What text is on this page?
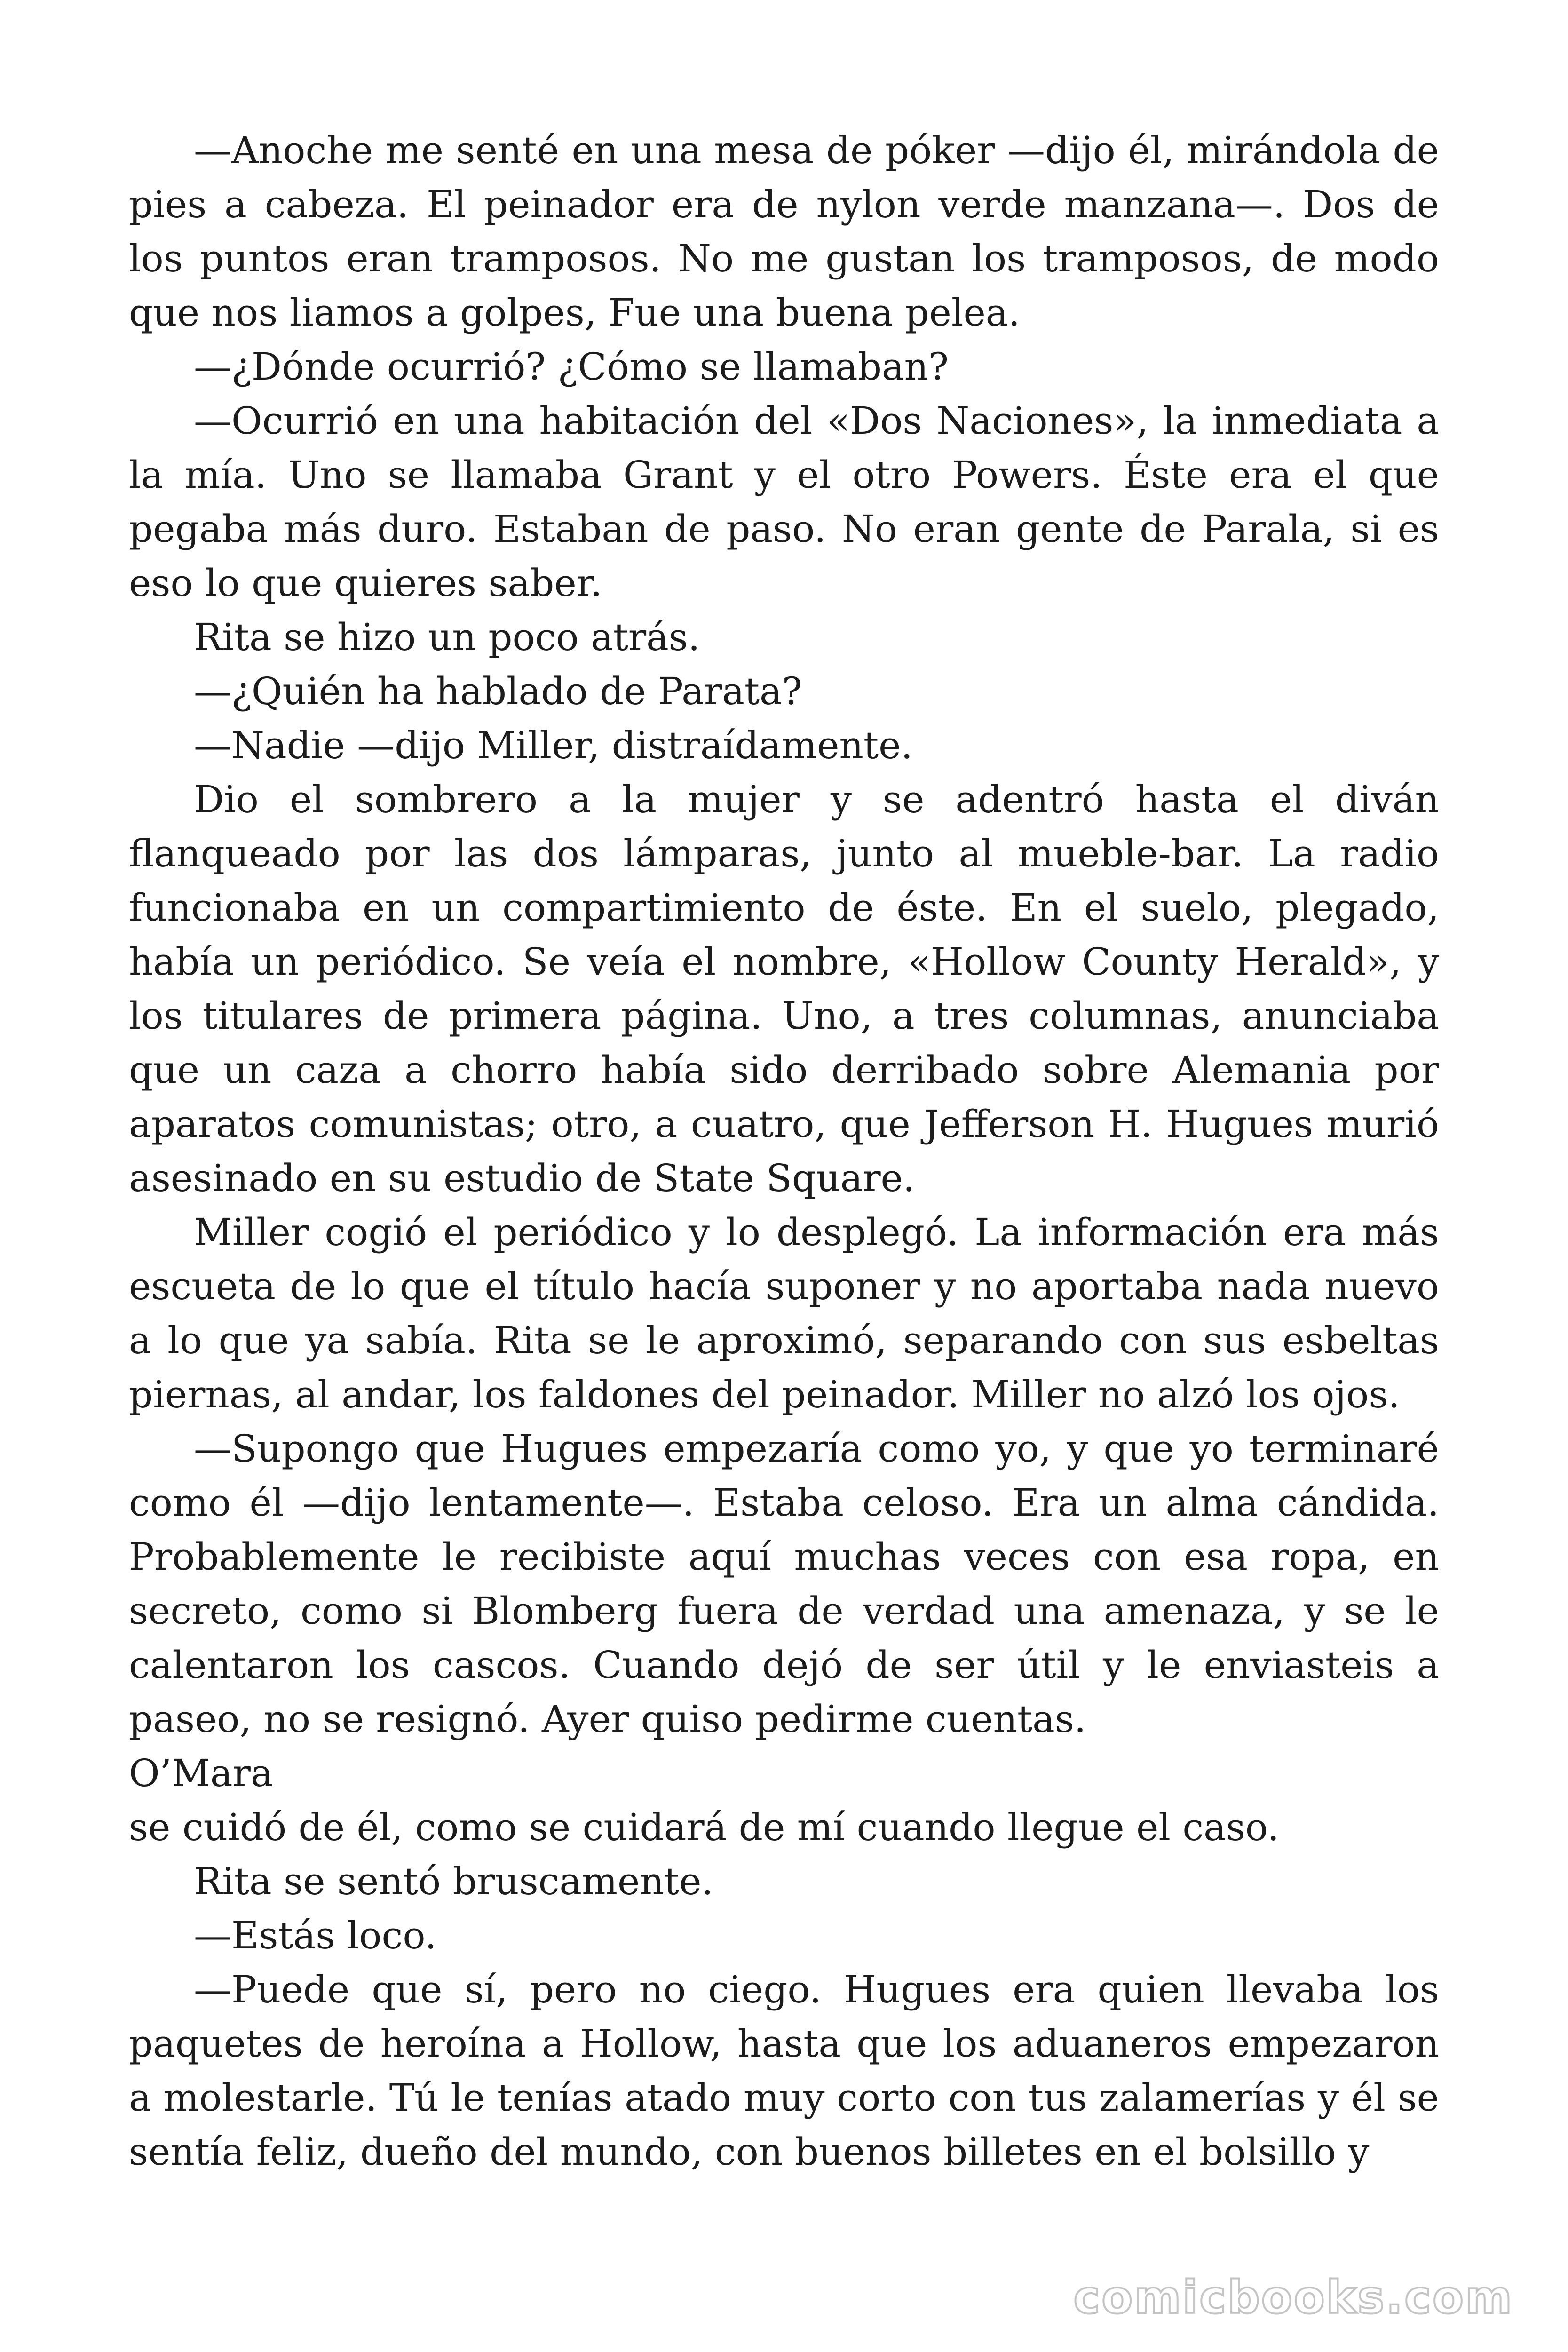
—Anoche me senté en una mesa de póker —dijo él, mirándola de pies a cabeza. El peinador era de nylon verde manzana—. Dos de los puntos eran tramposos. No me gustan los tramposos, de modo que nos liamos a golpes, Fue una buena pelea.

—¿Dónde ocurrió? ¿Cómo se llamaban?

—Ocurrió en una habitación del «Dos Naciones», la inmediata a la mía. Uno se llamaba Grant y el otro Powers. Éste era el que pegaba más duro. Estaban de paso. No eran gente de Parala, si es eso lo que quieres saber.

Rita se hizo un poco atrás.

—¿Quién ha hablado de Parata?

—Nadie —dijo Miller, distraídamente.

Dio el sombrero a la mujer y se adentró hasta el diván flanqueado por las dos lámparas, junto al mueble-bar. La radio funcionaba en un compartimiento de éste. En el suelo, plegado, había un periódico. Se veía el nombre, «Hollow County Herald», y los titulares de primera página. Uno, a tres columnas, anunciaba que un caza a chorro había sido derribado sobre Alemania por aparatos comunistas; otro, a cuatro, que Jefferson H. Hugues murió asesinado en su estudio de State Square.

Miller cogió el periódico y lo desplegó. La información era más escueta de lo que el título hacía suponer y no aportaba nada nuevo a lo que ya sabía. Rita se le aproximó, separando con sus esbeltas piernas, al andar, los faldones del peinador. Miller no alzó los ojos.

—Supongo que Hugues empezaría como yo, y que yo terminaré como él —dijo lentamente—. Estaba celoso. Era un alma cándida. Probablemente le recibiste aquí muchas veces con esa ropa, en secreto, como si Blomberg fuera de verdad una amenaza, y se le calentaron los cascos. Cuando dejó de ser útil y le enviasteis a paseo, no se resignó. Ayer quiso pedirme cuentas.

O’Mara

se cuidó de él, como se cuidará de mí cuando llegue el caso.

Rita se sentó bruscamente.

—Estás loco.

—Puede que sí, pero no ciego. Hugues era quien llevaba los paquetes de heroína a Hollow, hasta que los aduaneros empezaron a molestarle. Tú le tenías atado muy corto con tus zalamerías y él se sentía feliz, dueño del mundo, con buenos billetes en el bolsillo y

comicbooks.com
